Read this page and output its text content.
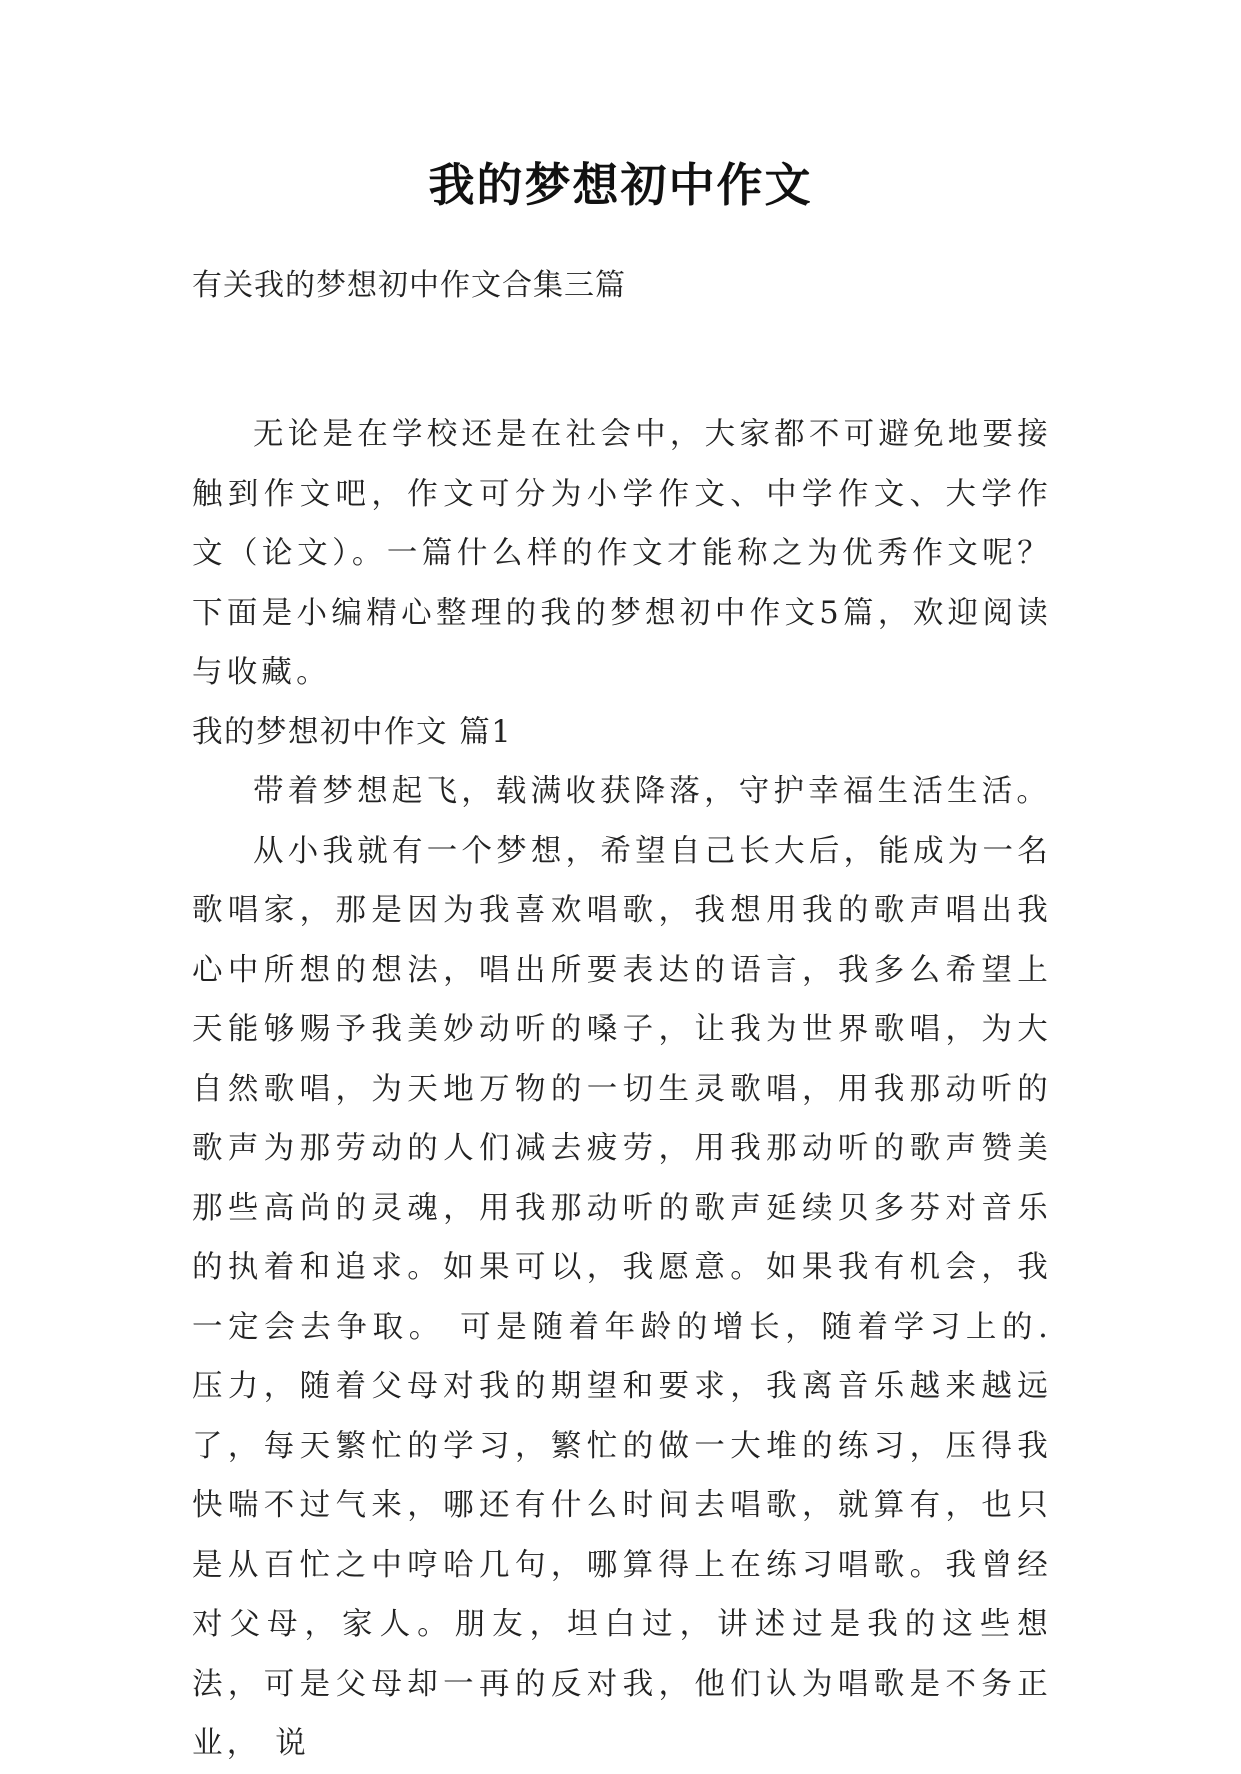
我的梦想初中作文

有关我的梦想初中作文合集三篇

无论是在学校还是在社会中，大家都不可避免地要接触到作文吧，作文可分为小学作文、中学作文、大学作文（论文）。一篇什么样的作文才能称之为优秀作文呢？下面是小编精心整理的我的梦想初中作文5篇，欢迎阅读与收藏。

我的梦想初中作文 篇1

带着梦想起飞，载满收获降落，守护幸福生活生活。

从小我就有一个梦想，希望自己长大后，能成为一名歌唱家，那是因为我喜欢唱歌，我想用我的歌声唱出我心中所想的想法，唱出所要表达的语言，我多么希望上天能够赐予我美妙动听的嗓子，让我为世界歌唱，为大自然歌唱，为天地万物的一切生灵歌唱，用我那动听的歌声为那劳动的人们减去疲劳，用我那动听的歌声赞美那些高尚的灵魂，用我那动听的歌声延续贝多芬对音乐的执着和追求。如果可以，我愿意。如果我有机会，我一定会去争取。 可是随着年龄的增长，随着学习上的.压力，随着父母对我的期望和要求，我离音乐越来越远了，每天繁忙的学习，繁忙的做一大堆的练习，压得我快喘不过气来，哪还有什么时间去唱歌，就算有，也只是从百忙之中哼哈几句，哪算得上在练习唱歌。我曾经对父母，家人。朋友，坦白过，讲述过是我的这些想法，可是父母却一再的反对我，他们认为唱歌是不务正业， 说
